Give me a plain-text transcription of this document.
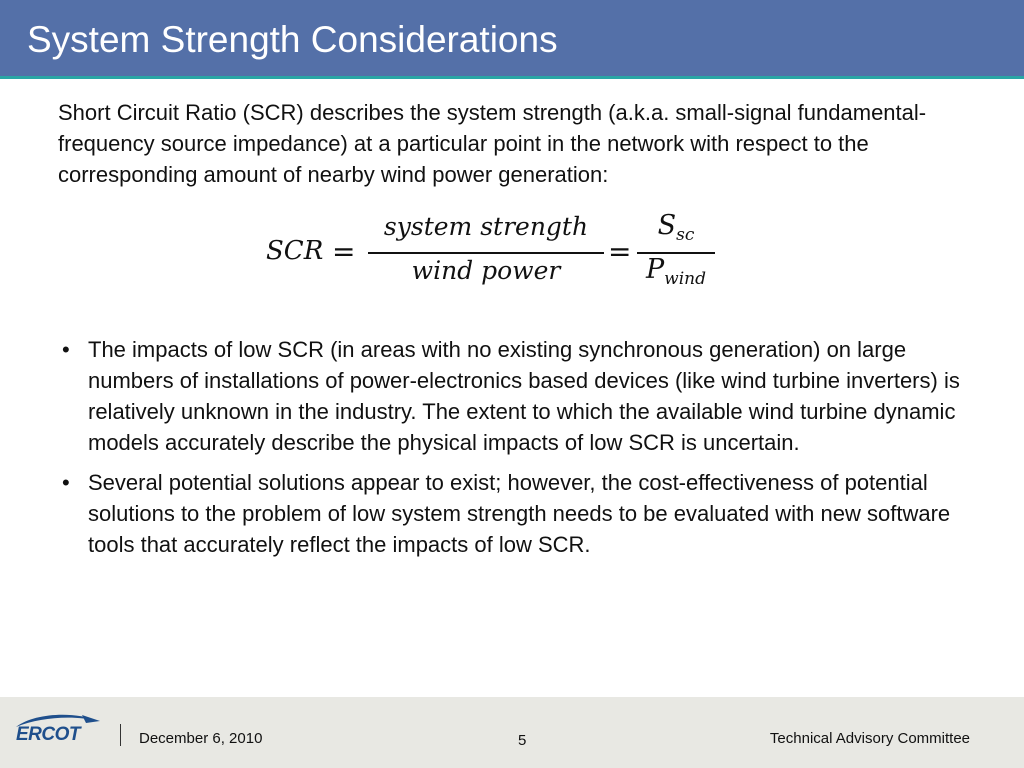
System Strength Considerations

Short Circuit Ratio (SCR) describes the system strength (a.k.a. small-signal fundamental-frequency source impedance) at a particular point in the network with respect to the corresponding amount of nearby wind power generation:

SCR =
system strength
wind power
=
$S_{sc}$
$P_{wind}$
• The impacts of low SCR (in areas with no existing synchronous generation) on large numbers of installations of power-electronics based devices (like wind turbine inverters) is relatively unknown in the industry. The extent to which the available wind turbine dynamic models accurately describe the physical impacts of low SCR is uncertain.
• Several potential solutions appear to exist; however, the cost-effectiveness of potential solutions to the problem of low system strength needs to be evaluated with new software tools that accurately reflect the impacts of low SCR.
ERCOT	December 6, 2010	5	Technical Advisory Committee
